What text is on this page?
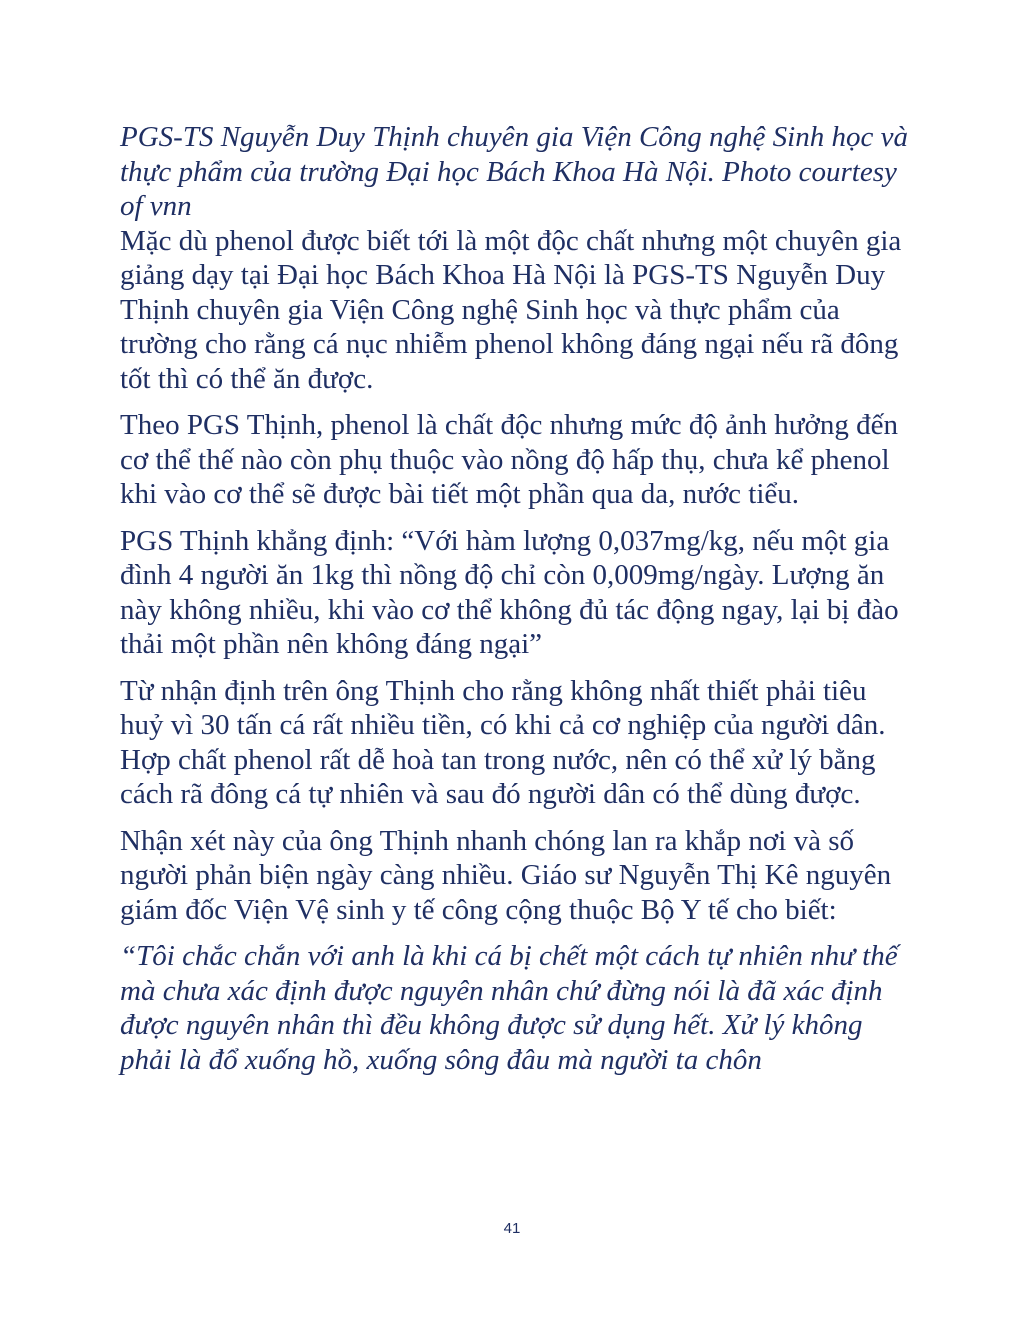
PGS-TS Nguyễn Duy Thịnh chuyên gia Viện Công nghệ Sinh học và thực phẩm của trường Đại học Bách Khoa Hà Nội. Photo courtesy of vnn

Mặc dù phenol được biết tới là một độc chất nhưng một chuyên gia giảng dạy tại Đại học Bách Khoa Hà Nội là PGS-TS Nguyễn Duy Thịnh chuyên gia Viện Công nghệ Sinh học và thực phẩm của trường cho rằng cá nục nhiễm phenol không đáng ngại nếu rã đông tốt thì có thể ăn được.

Theo PGS Thịnh, phenol là chất độc nhưng mức độ ảnh hưởng đến cơ thể thế nào còn phụ thuộc vào nồng độ hấp thụ, chưa kể phenol khi vào cơ thể sẽ được bài tiết một phần qua da, nước tiểu.

PGS Thịnh khẳng định: “Với hàm lượng 0,037mg/kg, nếu một gia đình 4 người ăn 1kg thì nồng độ chỉ còn 0,009mg/ngày. Lượng ăn này không nhiều, khi vào cơ thể không đủ tác động ngay, lại bị đào thải một phần nên không đáng ngại”

Từ nhận định trên ông Thịnh cho rằng không nhất thiết phải tiêu huỷ vì 30 tấn cá rất nhiều tiền, có khi cả cơ nghiệp của người dân. Hợp chất phenol rất dễ hoà tan trong nước, nên có thể xử lý bằng cách rã đông cá tự nhiên và sau đó người dân có thể dùng được.

Nhận xét này của ông Thịnh nhanh chóng lan ra khắp nơi và số người phản biện ngày càng nhiều. Giáo sư Nguyễn Thị Kê nguyên giám đốc Viện Vệ sinh y tế công cộng thuộc Bộ Y tế cho biết:

“Tôi chắc chắn với anh là khi cá bị chết một cách tự nhiên như thế mà chưa xác định được nguyên nhân chứ đừng nói là đã xác định được nguyên nhân thì đều không được sử dụng hết. Xử lý không phải là đổ xuống hồ, xuống sông đâu mà người ta chôn

41
